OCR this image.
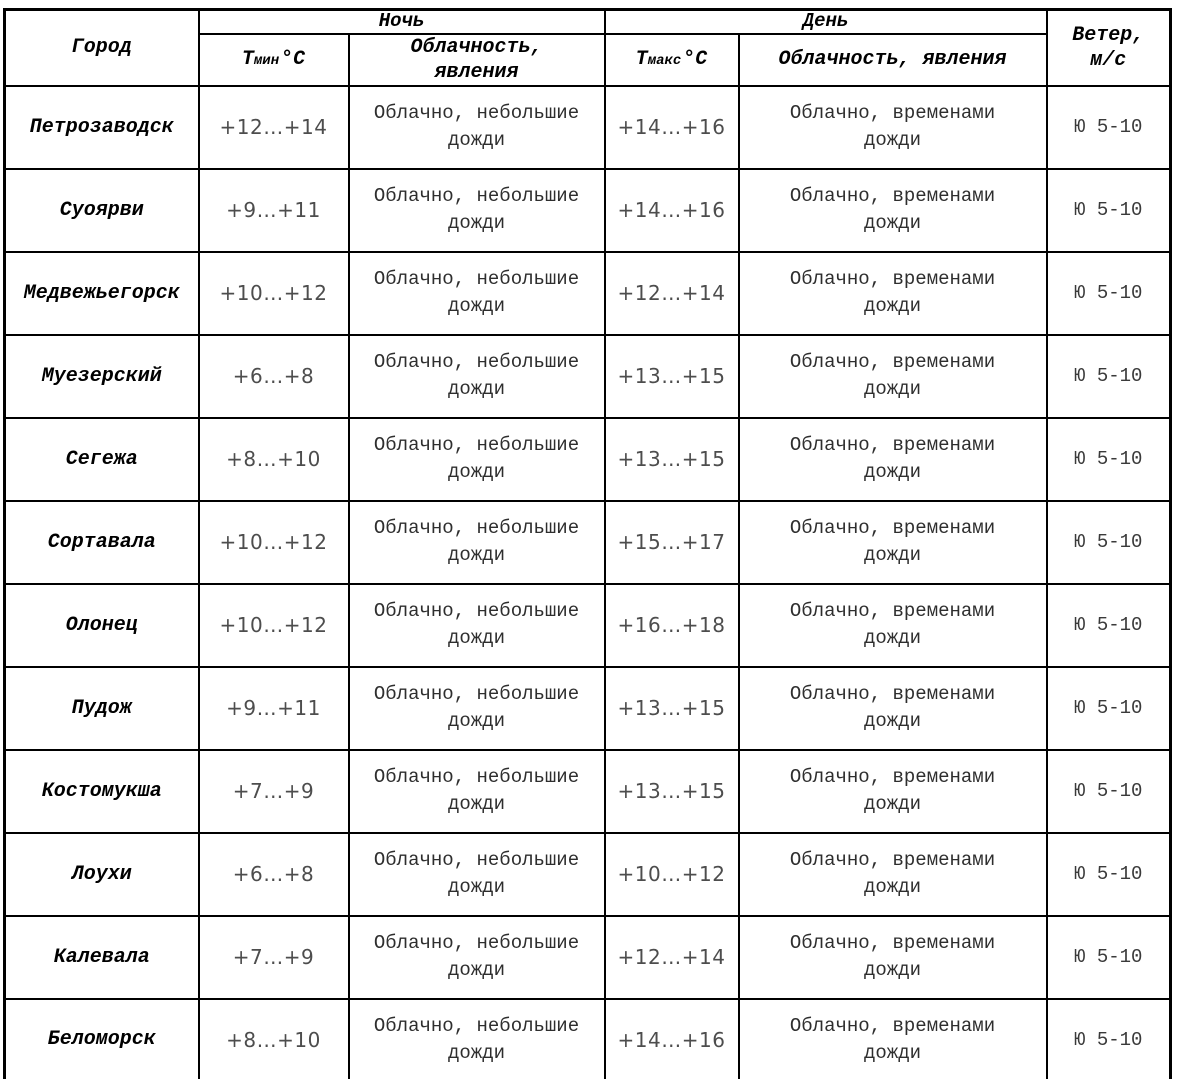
Город	Ночь		День		Ветер, м/с

	Тмин °C	Облачность, явления	Тмакс °C	Облачность, явления	

Петрозаводск	+12…+14	Облачно, небольшие дожди	+14…+16	Облачно, временами дожди	Ю 5-10
Суоярви	+9…+11	Облачно, небольшие дожди	+14…+16	Облачно, временами дожди	Ю 5-10
Медвежьегорск	+10…+12	Облачно, небольшие дожди	+12…+14	Облачно, временами дожди	Ю 5-10
Муезерский	+6…+8	Облачно, небольшие дожди	+13…+15	Облачно, временами дожди	Ю 5-10
Сегежа	+8…+10	Облачно, небольшие дожди	+13…+15	Облачно, временами дожди	Ю 5-10
Сортавала	+10…+12	Облачно, небольшие дожди	+15…+17	Облачно, временами дожди	Ю 5-10
Олонец	+10…+12	Облачно, небольшие дожди	+16…+18	Облачно, временами дожди	Ю 5-10
Пудож	+9…+11	Облачно, небольшие дожди	+13…+15	Облачно, временами дожди	Ю 5-10
Костомукша	+7…+9	Облачно, небольшие дожди	+13…+15	Облачно, временами дожди	Ю 5-10
Лоухи	+6…+8	Облачно, небольшие дожди	+10…+12	Облачно, временами дожди	Ю 5-10
Калевала	+7…+9	Облачно, небольшие дожди	+12…+14	Облачно, временами дожди	Ю 5-10
Беломорск	+8…+10	Облачно, небольшие дожди	+14…+16	Облачно, временами дожди	Ю 5-10
